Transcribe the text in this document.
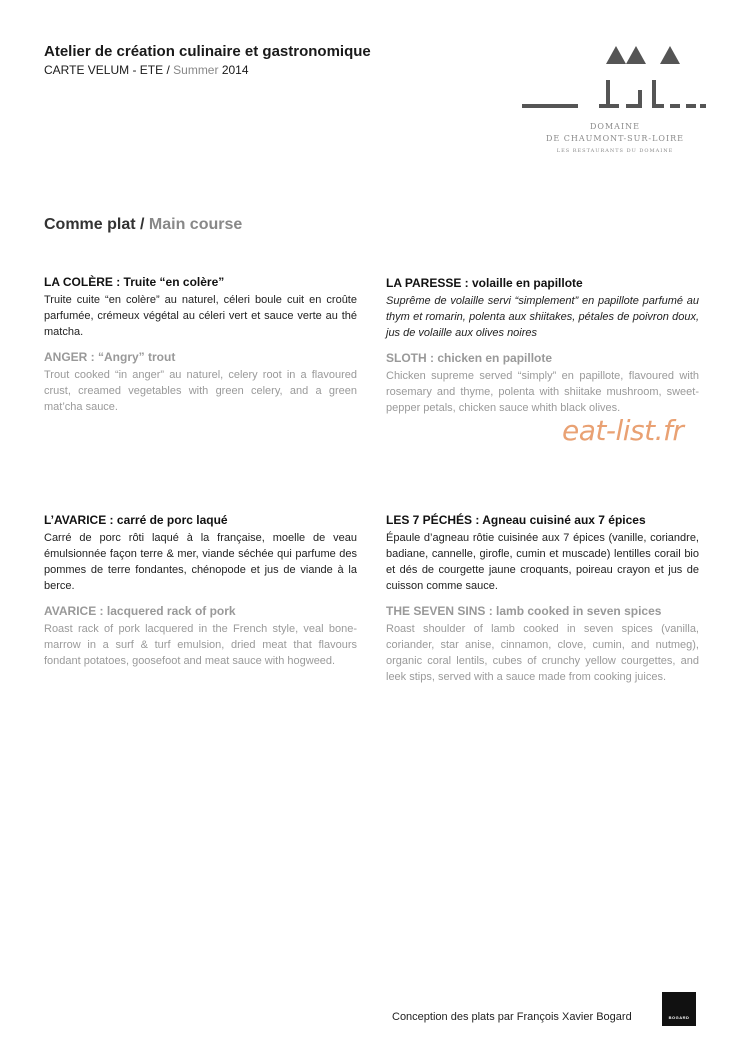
Atelier de création culinaire et gastronomique
CARTE VELUM - ETE / Summer 2014
DOMAINE
DE CHAUMONT-SUR-LOIRE
LES RESTAURANTS DU DOMAINE
Comme plat / Main course
LA COLÈRE : Truite “en colère”
Truite cuite “en colère” au naturel, céleri boule cuit en croûte parfumée, crémeux végétal au céleri vert et sauce verte au thé matcha.
ANGER : “Angry” trout
Trout cooked “in anger” au naturel, celery root in a flavoured crust, creamed vegetables with green celery, and a green mat’cha sauce.
LA PARESSE : volaille en papillote
Suprême de volaille servi “simplement” en papillote parfumé au thym et romarin, polenta aux shiitakes, pétales de poivron doux, jus de volaille aux olives noires
SLOTH : chicken en papillote
Chicken supreme served “simply” en papillote, flavoured with rosemary and thyme, polenta with shiitake mushroom, sweet-pepper petals, chicken sauce whith black olives.
L’AVARICE : carré de porc laqué
Carré de porc rôti laqué à la française, moelle de veau émulsionnée façon terre & mer, viande séchée qui parfume des pommes de terre fondantes, chénopode et jus de viande à la berce.
AVARICE : lacquered rack of pork
Roast rack of pork lacquered in the French style, veal bone-marrow in a surf & turf emulsion, dried meat that flavours fondant potatoes, goosefoot and meat sauce with hogweed.
LES 7 PÉCHÉS : Agneau cuisiné aux 7 épices
Épaule d’agneau rôtie cuisinée aux 7 épices (vanille, coriandre, badiane, cannelle, girofle, cumin et muscade) lentilles corail bio et dés de courgette jaune croquants, poireau crayon et jus de cuisson comme sauce.
THE SEVEN SINS : lamb cooked in seven spices
Roast shoulder of lamb cooked in seven spices (vanilla, coriander, star anise, cinnamon, clove, cumin, and nutmeg), organic coral lentils, cubes of crunchy yellow courgettes, and leek stips, served with a sauce made from cooking juices.
eat-list.fr
Conception des plats par François Xavier Bogard	BOGARD
